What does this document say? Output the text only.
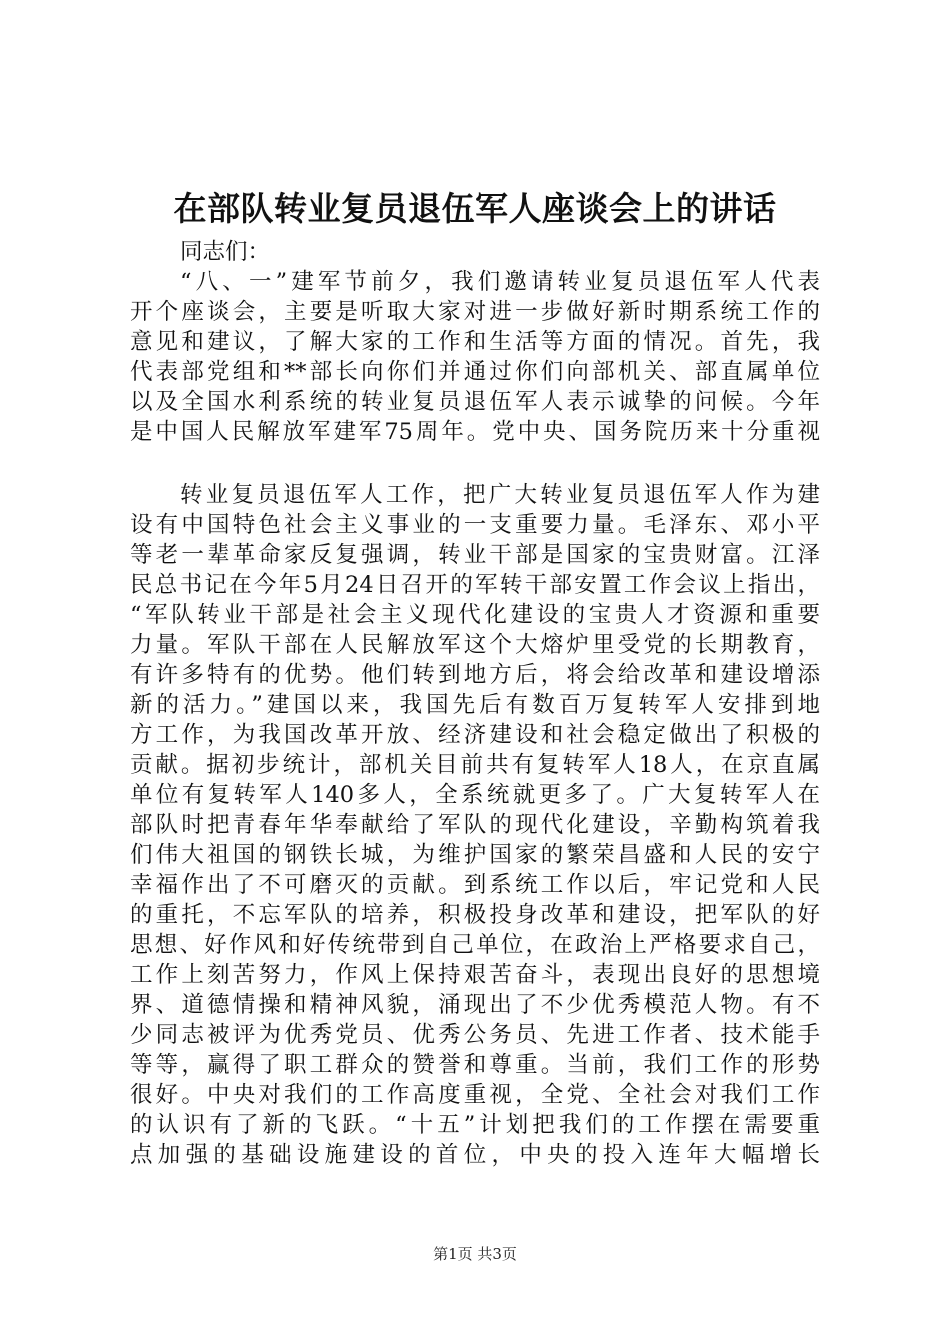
在部队转业复员退伍军人座谈会上的讲话
同志们：
“八、一”建军节前夕，我们邀请转业复员退伍军人代表
开个座谈会，主要是听取大家对进一步做好新时期系统工作的
意见和建议，了解大家的工作和生活等方面的情况。首先，我
代表部党组和**部长向你们并通过你们向部机关、部直属单位
以及全国水利系统的转业复员退伍军人表示诚挚的问候。今年
是中国人民解放军建军75周年。党中央、国务院历来十分重视
转业复员退伍军人工作，把广大转业复员退伍军人作为建
设有中国特色社会主义事业的一支重要力量。毛泽东、邓小平
等老一辈革命家反复强调，转业干部是国家的宝贵财富。江泽
民总书记在今年5月24日召开的军转干部安置工作会议上指出，
“军队转业干部是社会主义现代化建设的宝贵人才资源和重要
力量。军队干部在人民解放军这个大熔炉里受党的长期教育，
有许多特有的优势。他们转到地方后，将会给改革和建设增添
新的活力。”建国以来，我国先后有数百万复转军人安排到地
方工作，为我国改革开放、经济建设和社会稳定做出了积极的
贡献。据初步统计，部机关目前共有复转军人18人，在京直属
单位有复转军人140多人，全系统就更多了。广大复转军人在
部队时把青春年华奉献给了军队的现代化建设，辛勤构筑着我
们伟大祖国的钢铁长城，为维护国家的繁荣昌盛和人民的安宁
幸福作出了不可磨灭的贡献。到系统工作以后，牢记党和人民
的重托，不忘军队的培养，积极投身改革和建设，把军队的好
思想、好作风和好传统带到自己单位，在政治上严格要求自己，
工作上刻苦努力，作风上保持艰苦奋斗，表现出良好的思想境
界、道德情操和精神风貌，涌现出了不少优秀模范人物。有不
少同志被评为优秀党员、优秀公务员、先进工作者、技术能手
等等，赢得了职工群众的赞誉和尊重。当前，我们工作的形势
很好。中央对我们的工作高度重视，全党、全社会对我们工作
的认识有了新的飞跃。“十五”计划把我们的工作摆在需要重
点加强的基础设施建设的首位，中央的投入连年大幅增长
第1页 共3页
